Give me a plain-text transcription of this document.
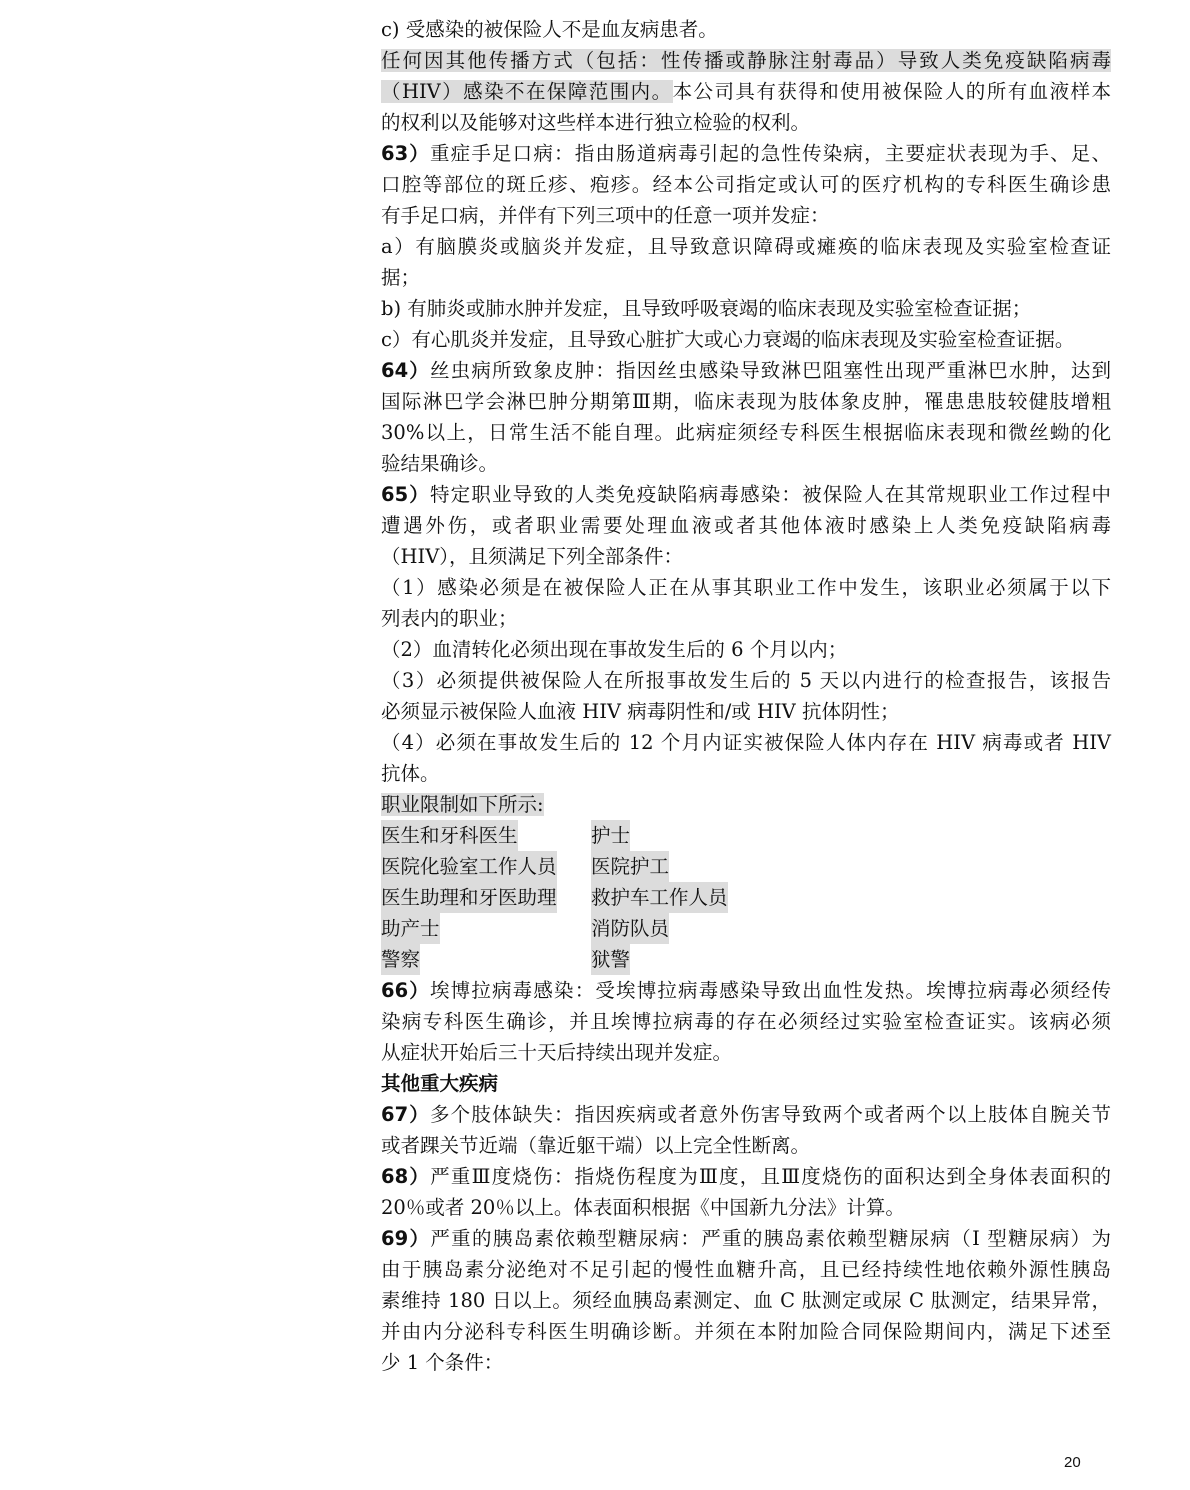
c) 受感染的被保险人不是血友病患者。
任何因其他传播方式（包括：性传播或静脉注射毒品）导致人类免疫缺陷病毒
（HIV）感染不在保障范围内。本公司具有获得和使用被保险人的所有血液样本
的权利以及能够对这些样本进行独立检验的权利。
63）重症手足口病：指由肠道病毒引起的急性传染病，主要症状表现为手、足、
口腔等部位的斑丘疹、疱疹。经本公司指定或认可的医疗机构的专科医生确诊患
有手足口病，并伴有下列三项中的任意一项并发症：
a）有脑膜炎或脑炎并发症，且导致意识障碍或瘫痪的临床表现及实验室检查证
据；
b) 有肺炎或肺水肿并发症，且导致呼吸衰竭的临床表现及实验室检查证据；
c）有心肌炎并发症，且导致心脏扩大或心力衰竭的临床表现及实验室检查证据。
64）丝虫病所致象皮肿：指因丝虫感染导致淋巴阻塞性出现严重淋巴水肿，达到
国际淋巴学会淋巴肿分期第Ⅲ期，临床表现为肢体象皮肿，罹患患肢较健肢增粗
30%以上，日常生活不能自理。此病症须经专科医生根据临床表现和微丝蚴的化
验结果确诊。
65）特定职业导致的人类免疫缺陷病毒感染：被保险人在其常规职业工作过程中
遭遇外伤，或者职业需要处理血液或者其他体液时感染上人类免疫缺陷病毒
（HIV），且须满足下列全部条件：
（1）感染必须是在被保险人正在从事其职业工作中发生，该职业必须属于以下
列表内的职业；
（2）血清转化必须出现在事故发生后的 6 个月以内；
（3）必须提供被保险人在所报事故发生后的 5 天以内进行的检查报告，该报告
必须显示被保险人血液 HIV 病毒阴性和/或 HIV 抗体阴性；
（4）必须在事故发生后的 12 个月内证实被保险人体内存在 HIV 病毒或者 HIV
抗体。
职业限制如下所示:
医生和牙科医生	护士
医院化验室工作人员 医院护工
医生助理和牙医助理 救护车工作人员
助产士	消防队员
警察	狱警
66）埃博拉病毒感染：受埃博拉病毒感染导致出血性发热。埃博拉病毒必须经传
染病专科医生确诊，并且埃博拉病毒的存在必须经过实验室检查证实。该病必须
从症状开始后三十天后持续出现并发症。
其他重大疾病
67）多个肢体缺失：指因疾病或者意外伤害导致两个或者两个以上肢体自腕关节
或者踝关节近端（靠近躯干端）以上完全性断离。
68）严重Ⅲ度烧伤：指烧伤程度为Ⅲ度，且Ⅲ度烧伤的面积达到全身体表面积的
20％或者 20％以上。体表面积根据《中国新九分法》计算。
69）严重的胰岛素依赖型糖尿病：严重的胰岛素依赖型糖尿病（I 型糖尿病）为
由于胰岛素分泌绝对不足引起的慢性血糖升高，且已经持续性地依赖外源性胰岛
素维持 180 日以上。须经血胰岛素测定、血 C 肽测定或尿 C 肽测定，结果异常，
并由内分泌科专科医生明确诊断。并须在本附加险合同保险期间内，满足下述至
少 1 个条件：
20
